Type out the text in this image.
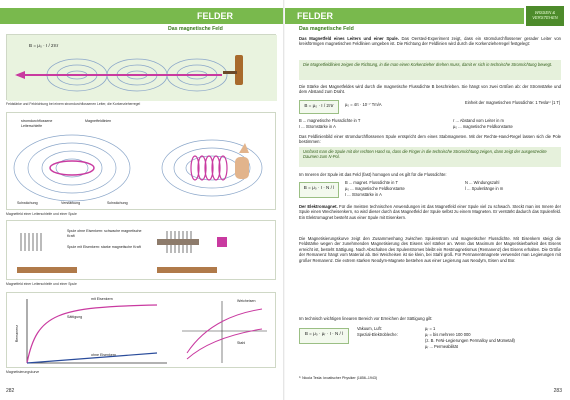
FELDER
Das magnetische Feld
B = μ₀ · I / 2πr
Feldstärke und Feldrichtung bei einem stromdurchflossenen Leiter, die Korkenzieherregel
stromdurchflossene Leiterschleife
Magnetfeldlinien
Schwächung	Verstärkung	Schwächung
Magnetfeld einer Leiterschleife und einer Spule
Spule ohne Eisenkern: schwache magnetische Kraft
Spule mit Eisenkern: starke magnetische Kraft
Magnetfeld einer Leiterschleife und einer Spule
mit Eisenkern
Sättigung
ohne Eisenkern
Remanenz
Weicheisen
Stahl
Magnetisierungskurve
282
FELDER	WISSEN & VERSTEHEN
Das magnetische Feld
Das Magnetfeld eines Leiters und einer Spule. Das Oersted-Experiment zeigt, dass ein stromdurchflossener gerader Leiter von kreisförmigen magnetischen Feldlinien umgeben ist. Die Richtung der Feldlinien wird durch die Korkenzieherregel festgelegt:
Die Magnetfeldlinien zeigen die Richtung, in die man einen Korkenzieher drehen muss, damit er sich in technische Stromrichtung bewegt.
Die Stärke des Magnetfeldes wird durch die magnetische Flussdichte B beschrieben. Sie hängt von zwei Größen ab: der Stromstärke und dem Abstand zum Draht.
B = μ₀ · I / 2πr	μ₀ = 4π · 10⁻⁷ Tm/A	Einheit der magnetischen Flussdichte: 1 Tesla¹⁾ (1 T)
B ... magnetische Flussdichte in T
I ... Stromstärke in A
r ... Abstand vom Leiter in m
μ₀ ... magnetische Feldkonstante
Das Feldlinienbild einer stromdurchflossenen Spule entspricht dem eines Stabmagneten. Mit der Rechte-Hand-Regel lassen sich die Pole bestimmen:
Umfasst man die Spule mit der rechten Hand so, dass die Finger in die technische Stromrichtung zeigen, dann zeigt der ausgestreckte Daumen zum N-Pol.
Im Inneren der Spule ist das Feld (fast) homogen und es gilt für die Flussdichte:
B = μ₀ · I · N / l
B ... magnet. Flussdichte in T
μ₀ ... magnetische Feldkonstante
I ... Stromstärke in A
N ... Windungszahl
l ... Spulenlänge in m
Der Elektromagnet. Für die meisten technischen Anwendungen ist das Magnetfeld einer Spule viel zu schwach. Steckt man ins Innere der Spule einen Weicheisenkern, so wird dieser durch das Magnetfeld der Spule selbst zu einem Magneten. Er verstärkt dadurch das Spulenfeld. Ein Elektromagnet besteht aus einer Spule mit Eisenkern.
Die Magnetisierungskurve zeigt den Zusammenhang zwischen Spulenstrom und magnetischer Flussdichte. Mit Eisenkern steigt die Feldstärke wegen der zunehmenden Magnetisierung des Eisens viel stärker an. Wenn das Maximum der Magnetisierbarkeit des Eisens erreicht ist, besteht Sättigung. Nach Abschalten des Spulenstromes bleibt ein Restmagnetismus (Remanenz) des Eisens erhalten. Die Größe der Remanenz hängt vom Material ab. Bei Weicheisen ist sie klein, bei Stahl groß. Für Permanentmagnete verwendet man Legierungen mit großer Remanenz. Die extrem starken Neodym-Magnete bestehen aus einer Legierung aus Neodym, Eisen und Bor.
Im technisch wichtigen linearen Bereich vor Erreichen der Sättigung gilt:
B = μ₀ · μᵣ · I · N / l
Vakuum, Luft:	μᵣ = 1
Spezial-Elektrobleche:	μᵣ = bis mehrere 100 000
(z. B. FeNi-Legierungen Permalloy und Mümetall)
μᵣ ... Permeabilität
¹⁾ Nicola Tesla: kroatischer Physiker (1856–1943)
283
